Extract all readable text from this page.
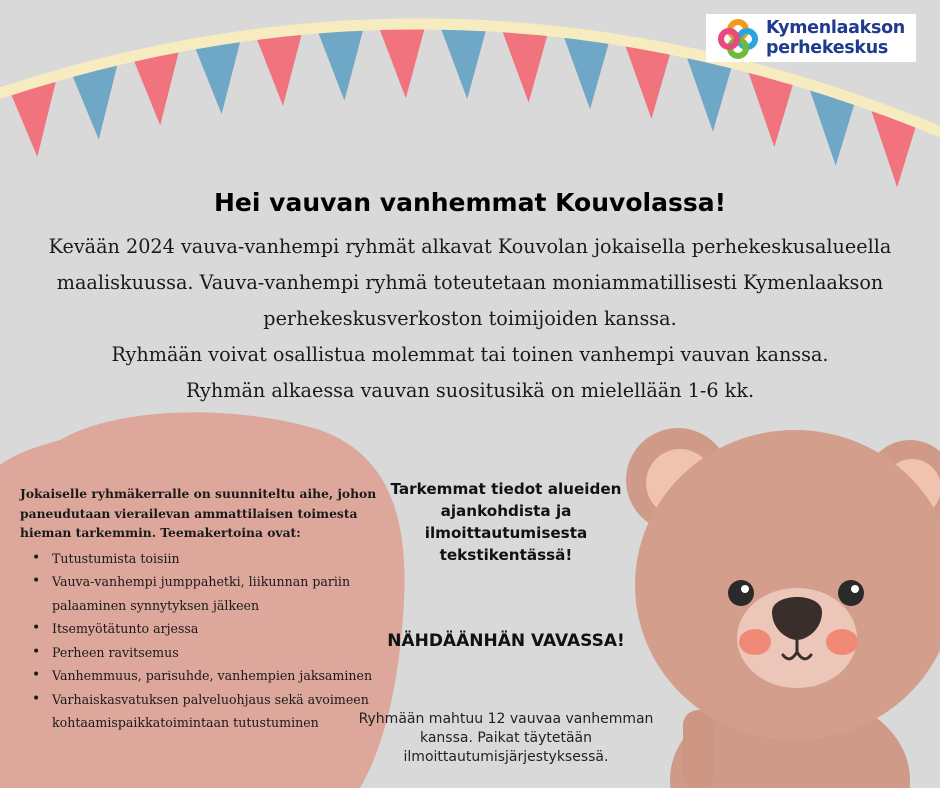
Kymenlaakson
perhekeskus
Hei vauvan vanhemmat Kouvolassa!
Kevään 2024 vauva-vanhempi ryhmät alkavat Kouvolan jokaisella perhekeskusalueella
maaliskuussa. Vauva-vanhempi ryhmä toteutetaan moniammatillisesti Kymenlaakson
perhekeskusverkoston toimijoiden kanssa.
Ryhmään voivat osallistua molemmat tai toinen vanhempi vauvan kanssa.
Ryhmän alkaessa vauvan suositusikä on mielellään 1-6 kk.

Jokaiselle ryhmäkerralle on suunniteltu aihe, johon paneudutaan vierailevan ammattilaisen toimesta hieman tarkemmin. Teemakertoina ovat:

• Tutustumista toisiin
• Vauva-vanhempi jumppahetki, liikunnan pariin palaaminen synnytyksen jälkeen
• Itsemyötätunto arjessa
• Perheen ravitsemus
• Vanhemmuus, parisuhde, vanhempien jaksaminen
• Varhaiskasvatuksen palveluohjaus sekä avoimeen kohtaamispaikkatoimintaan tutustuminen

Tarkemmat tiedot alueiden ajankohdista ja ilmoittautumisesta tekstikentässä!

NÄHDÄÄNHÄN VAVASSA!

Ryhmään mahtuu 12 vauvaa vanhemman kanssa. Paikat täytetään ilmoittautumisjärjestyksessä.
